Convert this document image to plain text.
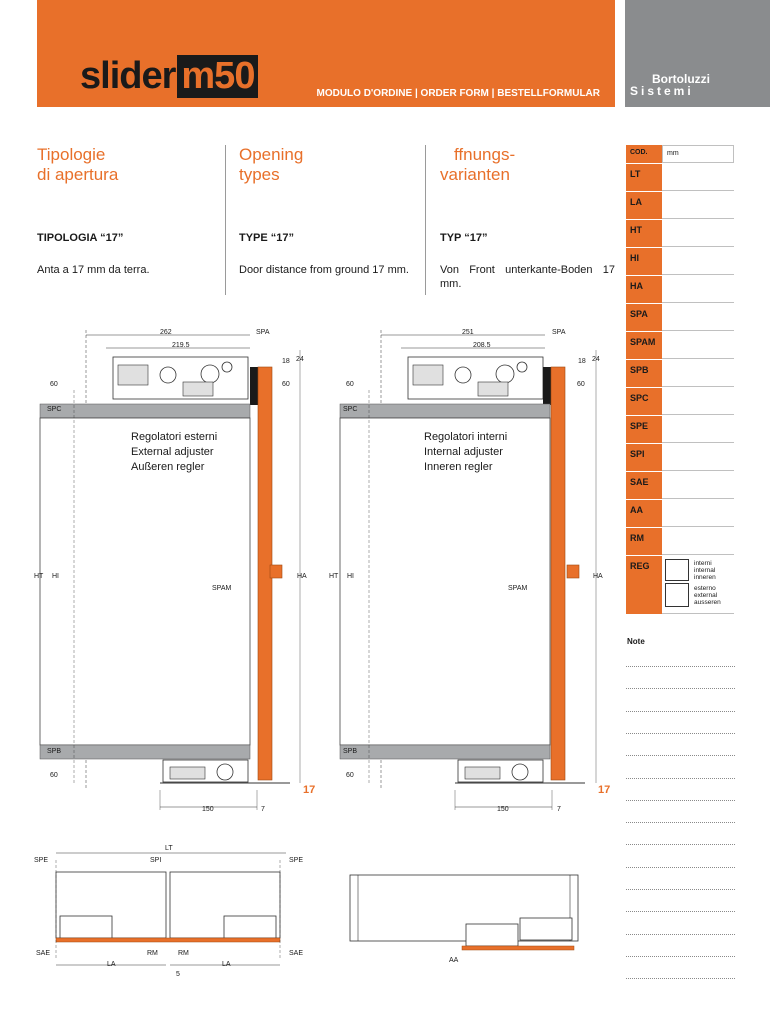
slider m50	MODULO D'ORDINE | ORDER FORM | BESTELLFORMULAR
Bortoluzzi
Sistemi
Tipologie
di apertura
Opening
types
ffnungs-
varianten
TIPOLOGIA “17”	TYPE “17”	TYP “17”
Anta a 17 mm da terra.	Door distance from ground 17 mm.	Von Front unterkante-Boden 17 mm.
COD.	mm
LT
LA
HT
HI
HA
SPA
SPAM
SPB
SPC
SPE
SPI
SAE
AA
RM
REG	interni internal inneren
esterno external ausseren
Note
262
219.5
SPA
18 24
60	60
SPC
Regolatori esterni
External adjuster
Außeren regler
HT HI	HA
SPAM
SPB
60
17
150	7
251
208.5
SPA
18 24
60	60
SPC
Regolatori interni
Internal adjuster
Inneren regler
HT HI	HA
SPAM
SPB
60
17
150	7
LT
SPE	SPI	SPE
SAE	RM	RM	SAE
LA	LA
5
AA
